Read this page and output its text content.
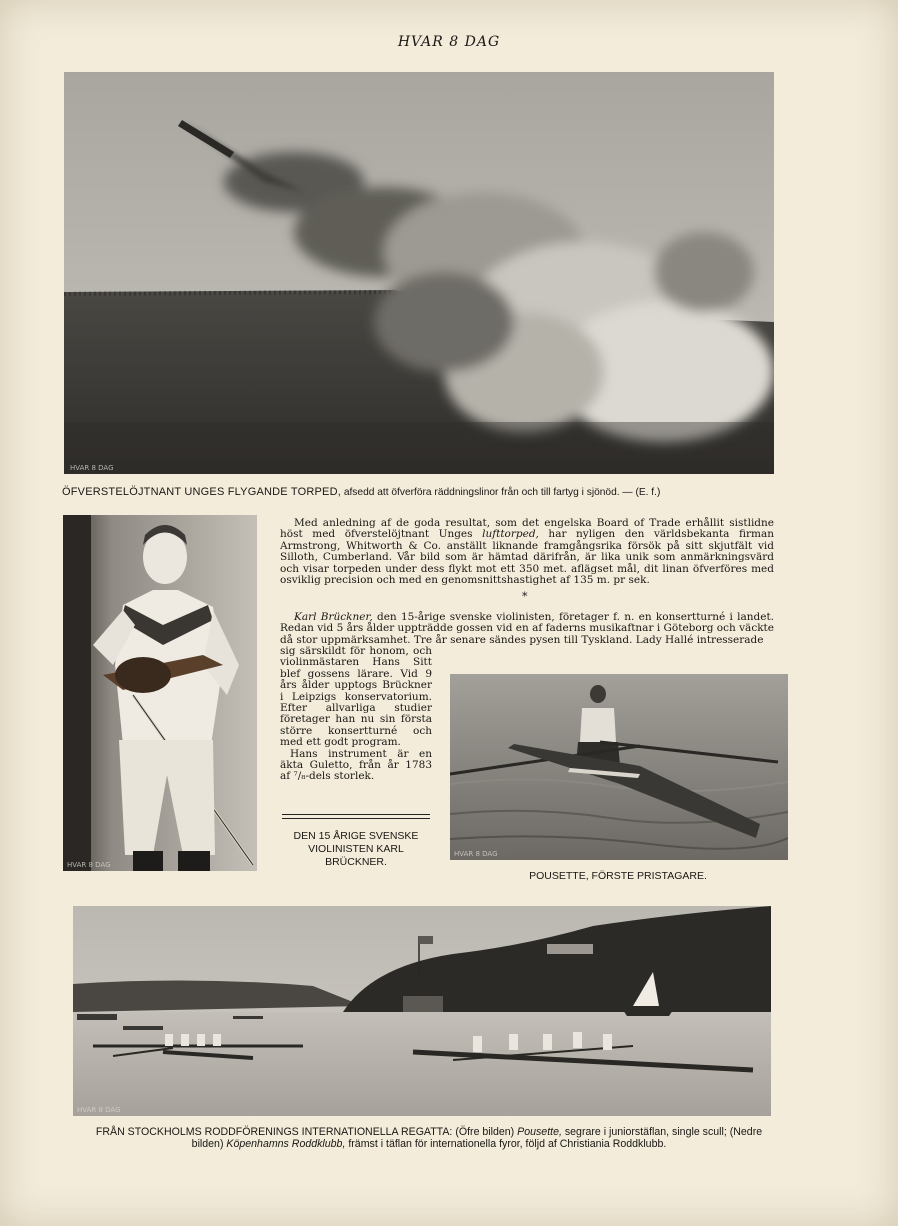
HVAR 8 DAG
HVAR 8 DAG
ÖFVERSTELÖJTNANT UNGES FLYGANDE TORPED, afsedd att öfverföra räddningslinor från och till fartyg i sjönöd. — (E. f.)
HVAR 8 DAG

Med anledning af de goda resultat, som det engelska Board of Trade erhållit sistlidne höst med öfverstelöjtnant Unges lufttorped, har nyligen den världsbekanta firman Armstrong, Whitworth & Co. anställt liknande framgångsrika försök på sitt skjutfält vid Silloth, Cumberland. Vår bild som är hämtad därifrån, är lika unik som anmärkningsvärd och visar torpeden under dess flykt mot ett 350 met. aflägset mål, dit linan öfverföres med osviklig precision och med en genomsnittshastighet af 135 m. pr sek.

*

Karl Brückner, den 15-årige svenske violinisten, företager f. n. en konsertturné i landet. Redan vid 5 års ålder uppträdde gossen vid en af faderns musikaftnar i Göteborg och väckte då stor uppmärksamhet. Tre år senare sändes pysen till Tyskland. Lady Hallé intresserade

sig särskildt för honom, och violinmästaren Hans Sitt blef gossens lärare. Vid 9 års ålder upptogs Brückner i Leipzigs konservatorium. Efter allvarliga studier företager han nu sin första större konsertturné och med ett godt program.
Hans instrument är en äkta Guletto, från år 1783 af ⁷/₈-dels storlek.
DEN 15 ÅRIGE SVENSKE VIOLINISTEN KARL BRÜCKNER.
HVAR 8 DAG
POUSETTE, FÖRSTE PRISTAGARE.
HVAR 8 DAG
FRÅN STOCKHOLMS RODDFÖRENINGS INTERNATIONELLA REGATTA: (Öfre bilden) Pousette, segrare i juniorstäflan, single scull; (Nedre bilden) Köpenhamns Roddklubb, främst i täflan för internationella fyror, följd af Christiania Roddklubb.
